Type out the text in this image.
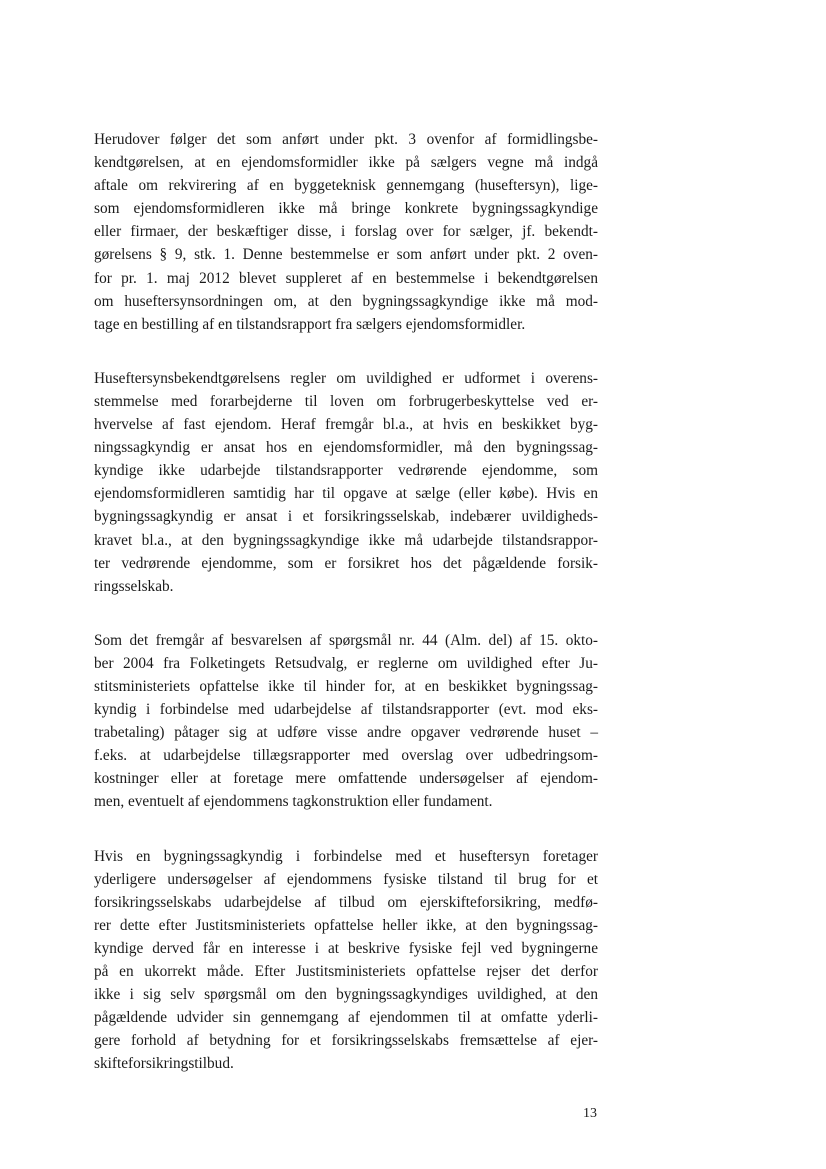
Herudover følger det som anført under pkt. 3 ovenfor af formidlingsbe-
kendtgørelsen, at en ejendomsformidler ikke på sælgers vegne må indgå
aftale om rekvirering af en byggeteknisk gennemgang (huseftersyn), lige-
som ejendomsformidleren ikke må bringe konkrete bygningssagkyndige
eller firmaer, der beskæftiger disse, i forslag over for sælger, jf. bekendt-
gørelsens § 9, stk. 1. Denne bestemmelse er som anført under pkt. 2 oven-
for pr. 1. maj 2012 blevet suppleret af en bestemmelse i bekendtgørelsen
om huseftersynsordningen om, at den bygningssagkyndige ikke må mod-
tage en bestilling af en tilstandsrapport fra sælgers ejendomsformidler.

Huseftersynsbekendtgørelsens regler om uvildighed er udformet i overens-
stemmelse med forarbejderne til loven om forbrugerbeskyttelse ved er-
hvervelse af fast ejendom. Heraf fremgår bl.a., at hvis en beskikket byg-
ningssagkyndig er ansat hos en ejendomsformidler, må den bygningssag-
kyndige ikke udarbejde tilstandsrapporter vedrørende ejendomme, som
ejendomsformidleren samtidig har til opgave at sælge (eller købe). Hvis en
bygningssagkyndig er ansat i et forsikringsselskab, indebærer uvildigheds-
kravet bl.a., at den bygningssagkyndige ikke må udarbejde tilstandsrappor-
ter vedrørende ejendomme, som er forsikret hos det pågældende forsik-
ringsselskab.

Som det fremgår af besvarelsen af spørgsmål nr. 44 (Alm. del) af 15. okto-
ber 2004 fra Folketingets Retsudvalg, er reglerne om uvildighed efter Ju-
stitsministeriets opfattelse ikke til hinder for, at en beskikket bygningssag-
kyndig i forbindelse med udarbejdelse af tilstandsrapporter (evt. mod eks-
trabetaling) påtager sig at udføre visse andre opgaver vedrørende huset –
f.eks. at udarbejdelse tillægsrapporter med overslag over udbedringsom-
kostninger eller at foretage mere omfattende undersøgelser af ejendom-
men, eventuelt af ejendommens tagkonstruktion eller fundament.

Hvis en bygningssagkyndig i forbindelse med et huseftersyn foretager
yderligere undersøgelser af ejendommens fysiske tilstand til brug for et
forsikringsselskabs udarbejdelse af tilbud om ejerskifteforsikring, medfø-
rer dette efter Justitsministeriets opfattelse heller ikke, at den bygningssag-
kyndige derved får en interesse i at beskrive fysiske fejl ved bygningerne
på en ukorrekt måde. Efter Justitsministeriets opfattelse rejser det derfor
ikke i sig selv spørgsmål om den bygningssagkyndiges uvildighed, at den
pågældende udvider sin gennemgang af ejendommen til at omfatte yderli-
gere forhold af betydning for et forsikringsselskabs fremsættelse af ejer-
skifteforsikringstilbud.

13
